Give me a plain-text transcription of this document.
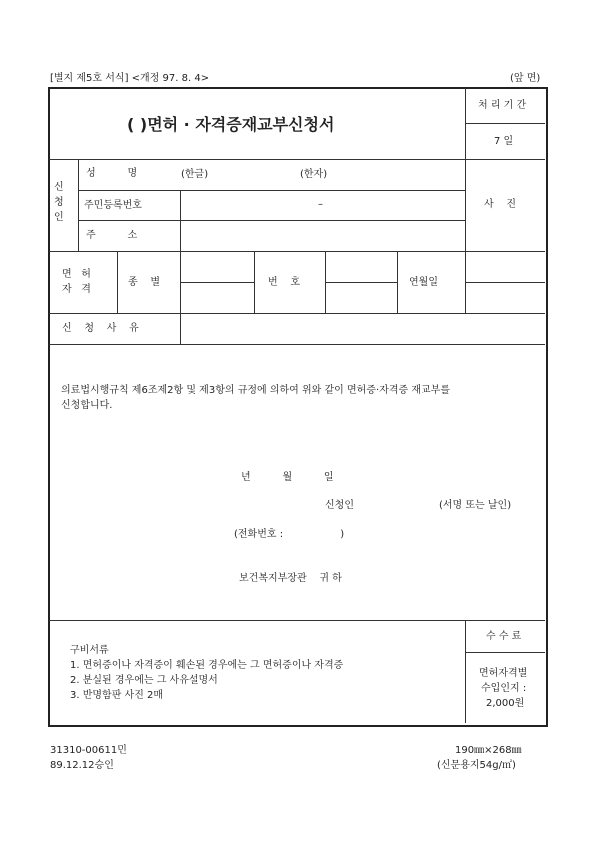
[별지 제5호 서식] <개정 97. 8. 4>	(앞 면)
( )면허 · 자격증재교부신청서
처 리 기 간
7 일
신
청
인
성          명	(한글)	(한자)
주민등록번호	–
주          소
사    진
면   허
자   격
종    별	번    호	연월일
신    청    사    유
의료법시행규칙 제6조제2항 및 제3항의 규정에 의하여 위와 같이 면허증·자격증 재교부를
신청합니다.
년          월          일
신청인	(서명 또는 날인)
(전화번호 :                  )
보건복지부장관    귀 하
구비서류
1. 면허증이나 자격증이 훼손된 경우에는 그 면허증이나 자격증
2. 분실된 경우에는 그 사유설명서
3. 반명함판 사진 2매
수 수 료
면허자격별
수입인지 :
2,000원
31310-00611민
89.12.12승인
190㎜×268㎜
(신문용지54g/㎡)
